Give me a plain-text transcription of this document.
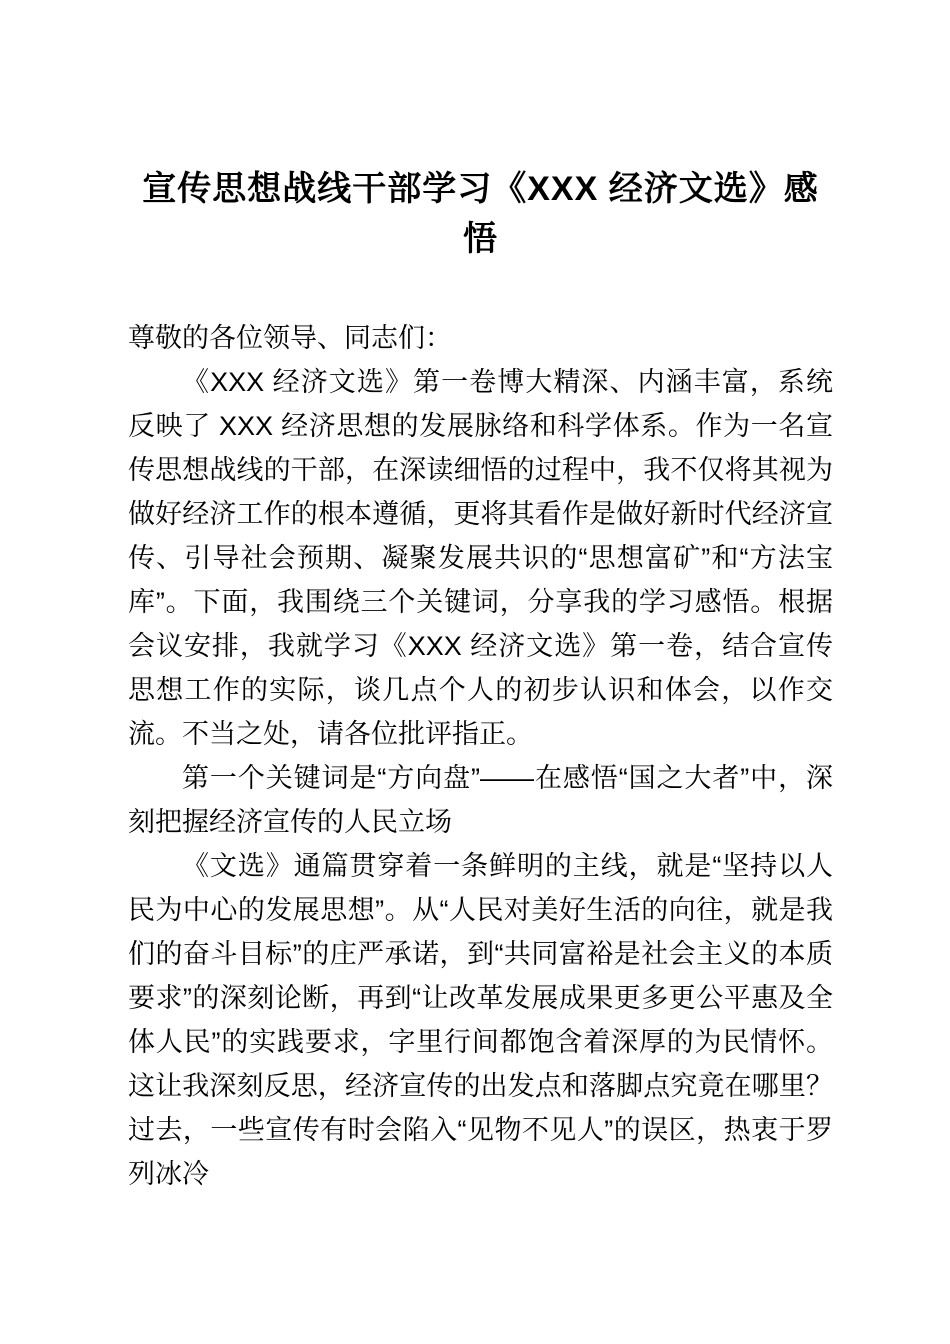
宣传思想战线干部学习《XXX 经济文选》感悟

尊敬的各位领导、同志们：

《XXX 经济文选》第一卷博大精深、内涵丰富，系统反映了 XXX 经济思想的发展脉络和科学体系。作为一名宣传思想战线的干部，在深读细悟的过程中，我不仅将其视为做好经济工作的根本遵循，更将其看作是做好新时代经济宣传、引导社会预期、凝聚发展共识的“思想富矿”和“方法宝库”。下面，我围绕三个关键词，分享我的学习感悟。根据会议安排，我就学习《XXX 经济文选》第一卷，结合宣传思想工作的实际，谈几点个人的初步认识和体会，以作交流。不当之处，请各位批评指正。

第一个关键词是“方向盘”——在感悟“国之大者”中，深刻把握经济宣传的人民立场

《文选》通篇贯穿着一条鲜明的主线，就是“坚持以人民为中心的发展思想”。从“人民对美好生活的向往，就是我们的奋斗目标”的庄严承诺，到“共同富裕是社会主义的本质要求”的深刻论断，再到“让改革发展成果更多更公平惠及全体人民”的实践要求，字里行间都饱含着深厚的为民情怀。这让我深刻反思，经济宣传的出发点和落脚点究竟在哪里？过去，一些宣传有时会陷入“见物不见人”的误区，热衷于罗列冰冷
